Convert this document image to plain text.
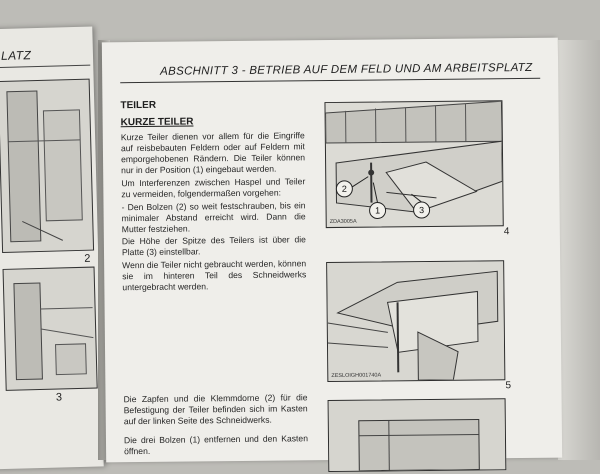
LATZ
2
3
ABSCHNITT 3 - BETRIEB AUF DEM FELD UND AM ARBEITSPLATZ
TEILER
KURZE TEILER
Kurze Teiler dienen vor allem für die Eingriffe auf reisbebauten Feldern oder auf Feldern mit emporgehobenen Rändern. Die Teiler können nur in der Position (1) eingebaut werden.
Um Interferenzen zwischen Haspel und Teiler zu vermeiden, folgendermaßen vorgehen:
- Den Bolzen (2) so weit festschrauben, bis ein minimaler Abstand erreicht wird. Dann die Mutter festziehen.
Die Höhe der Spitze des Teilers ist über die Platte (3) einstellbar.
Wenn die Teiler nicht gebraucht werden, können sie im hinteren Teil des Schneidwerks untergebracht werden.
Die Zapfen und die Klemmdorne (2) für die Befestigung der Teiler befinden sich im Kasten auf der linken Seite des Schneidwerks.
Die drei Bolzen (1) entfernen und den Kasten öffnen.
2
1	3
ZDA3005A
4
ZESLOIGH001740A
5
